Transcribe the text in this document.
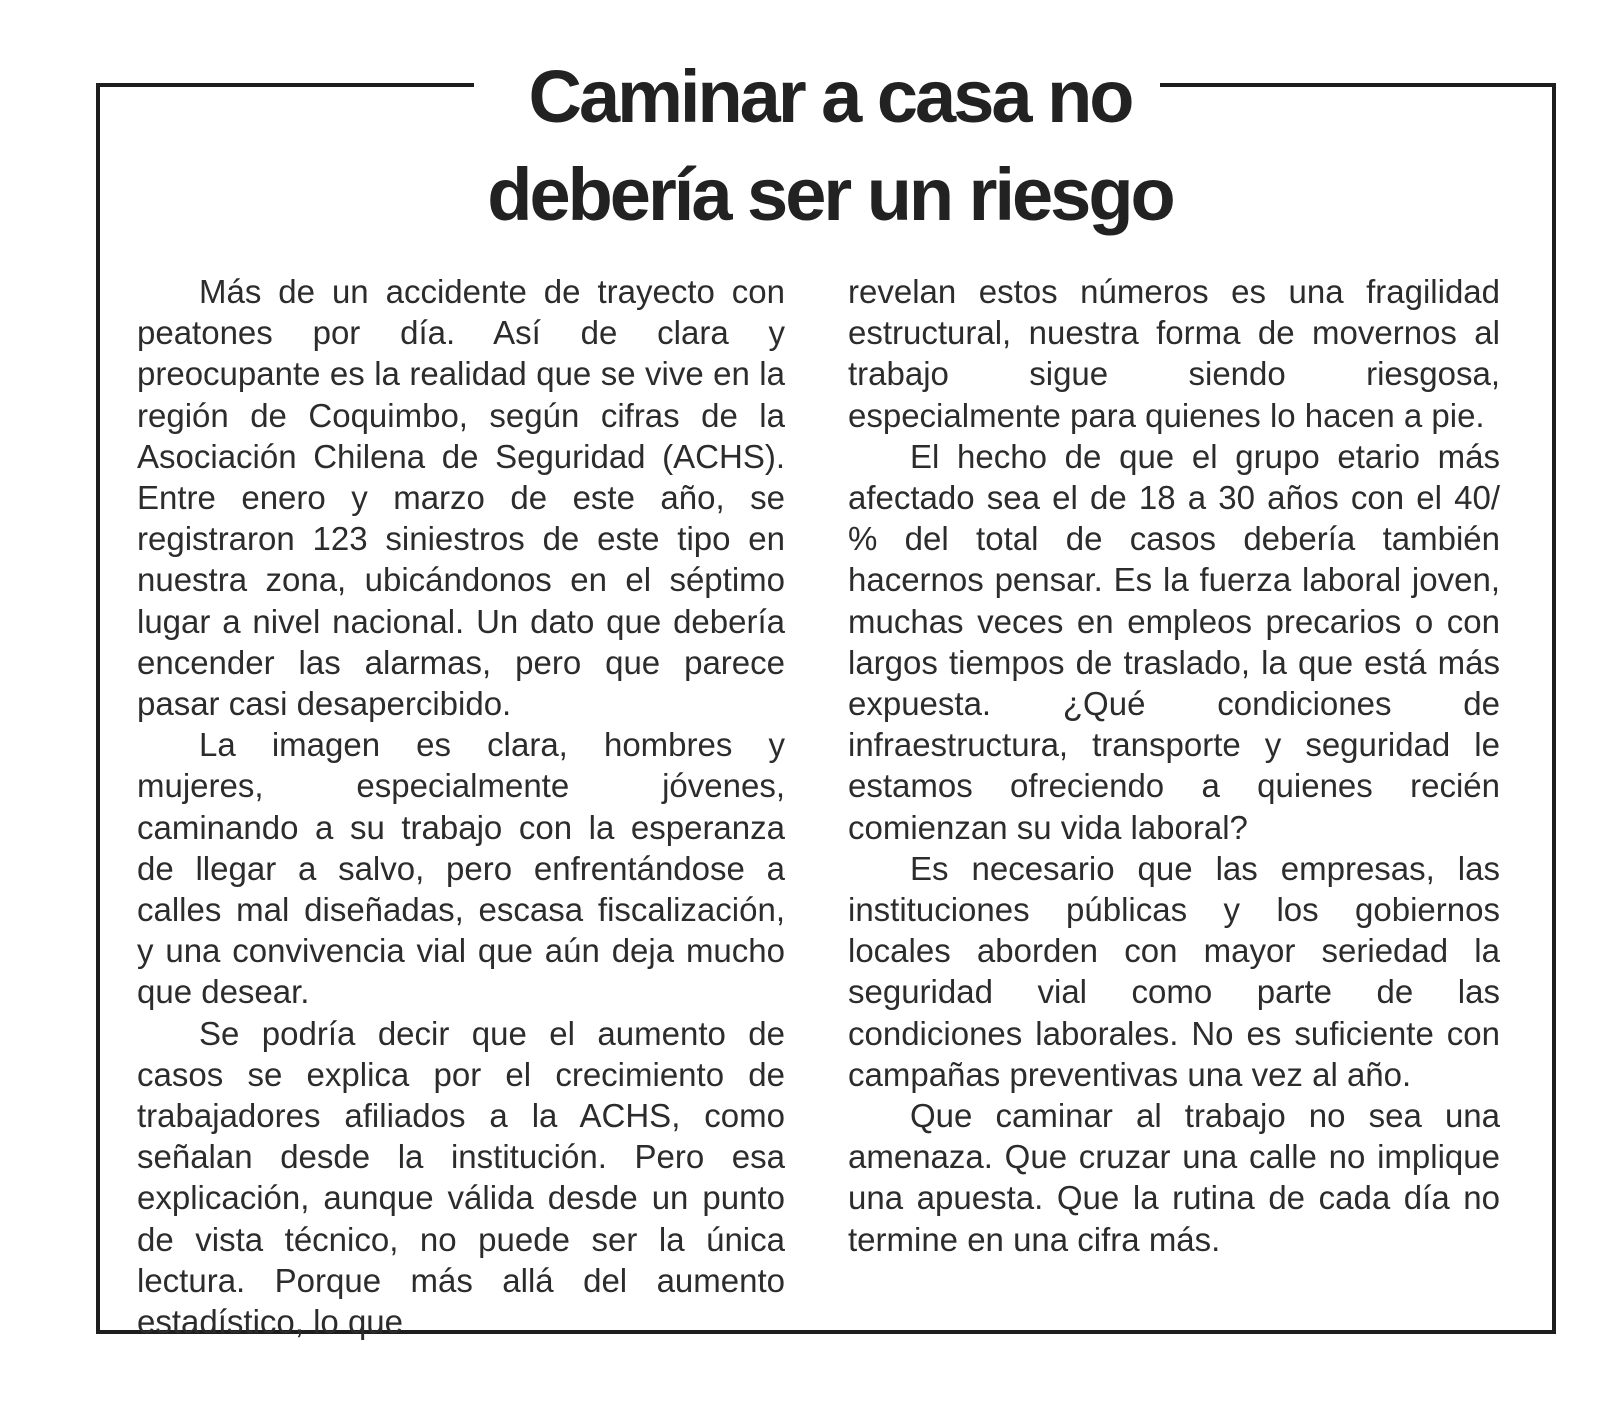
Caminar a casa no
debería ser un riesgo

Más de un accidente de trayecto con peatones por día. Así de clara y preocupante es la realidad que se vive en la región de Coquimbo, según cifras de la Asociación Chilena de Seguridad (ACHS). Entre enero y marzo de este año, se registraron 123 siniestros de este tipo en nuestra zona, ubicándonos en el séptimo lugar a nivel nacional. Un dato que debería encender las alarmas, pero que parece pasar casi desapercibido.

La imagen es clara, hombres y mujeres, especialmente jóvenes, caminando a su trabajo con la esperanza de llegar a salvo, pero enfrentándose a calles mal diseñadas, escasa fiscalización, y una convivencia vial que aún deja mucho que desear.

Se podría decir que el aumento de casos se explica por el crecimiento de trabajadores afiliados a la ACHS, como señalan desde la institución. Pero esa explicación, aunque válida desde un punto de vista técnico, no puede ser la única lectura. Porque más allá del aumento estadístico, lo que

revelan estos números es una fragilidad estructural, nuestra forma de movernos al trabajo sigue siendo riesgosa, especialmente para quienes lo hacen a pie.

El hecho de que el grupo etario más afectado sea el de 18 a 30 años con el 40/ % del total de casos debería también hacernos pensar. Es la fuerza laboral joven, muchas veces en empleos precarios o con largos tiempos de traslado, la que está más expuesta. ¿Qué condiciones de infraestructura, transporte y seguridad le estamos ofreciendo a quienes recién comienzan su vida laboral?

Es necesario que las empresas, las instituciones públicas y los gobiernos locales aborden con mayor seriedad la seguridad vial como parte de las condiciones laborales. No es suficiente con campañas preventivas una vez al año.

Que caminar al trabajo no sea una amenaza. Que cruzar una calle no implique una apuesta. Que la rutina de cada día no termine en una cifra más.
